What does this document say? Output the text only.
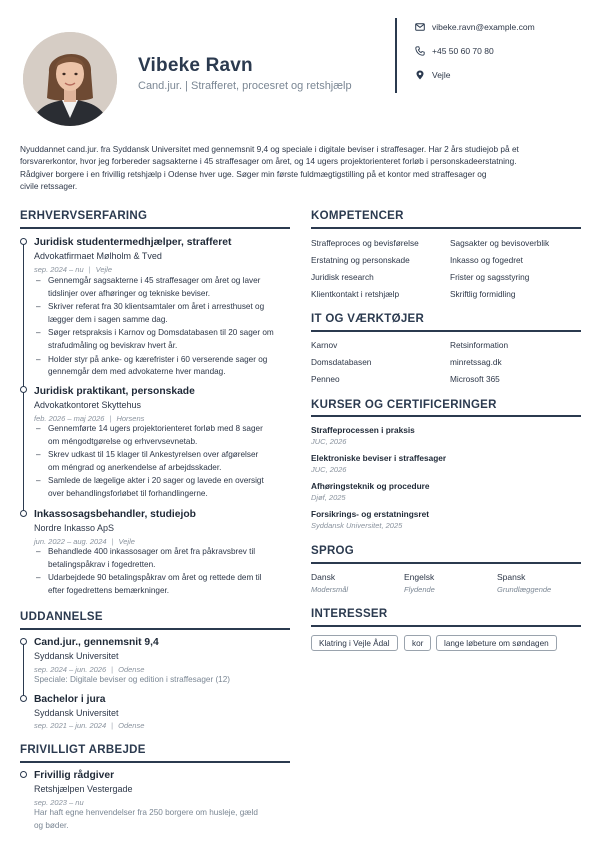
Vibeke Ravn
Cand.jur. | Strafferet, procesret og retshjælp
vibeke.ravn@example.com
+45 50 60 70 80
Vejle
Nyuddannet cand.jur. fra Syddansk Universitet med gennemsnit 9,4 og speciale i digitale beviser i straffesager. Har 2 års studiejob på et
forsvarerkontor, hvor jeg forbereder sagsakterne i 45 straffesager om året, og 14 ugers projektorienteret forløb i personskadeerstatning.
Rådgiver borgere i en frivillig retshjælp i Odense hver uge. Søger min første fuldmægtigstilling på et kontor med straffesager og
civile retssager.
ERHVERVSERFARING
Juridisk studentermedhjælper, strafferet
Advokatfirmaet Mølholm & Tved
sep. 2024 – nu | Vejle
– Gennemgår sagsakterne i 45 straffesager om året og laver
tidslinjer over afhøringer og tekniske beviser.
– Skriver referat fra 30 klientsamtaler om året i arresthuset og
lægger dem i sagen samme dag.
– Søger retspraksis i Karnov og Domsdatabasen til 20 sager om
strafudmåling og beviskrav hvert år.
– Holder styr på anke- og kærefrister i 60 verserende sager og
gennemgår dem med advokaterne hver mandag.
Juridisk praktikant, personskade
Advokatkontoret Skyttehus
feb. 2026 – maj 2026 | Horsens
– Gennemførte 14 ugers projektorienteret forløb med 8 sager
om méngodtgørelse og erhvervsevnetab.
– Skrev udkast til 15 klager til Ankestyrelsen over afgørelser
om méngrad og anerkendelse af arbejdsskader.
– Samlede de lægelige akter i 20 sager og lavede en oversigt
over behandlingsforløbet til forhandlingerne.
Inkassosagsbehandler, studiejob
Nordre Inkasso ApS
jun. 2022 – aug. 2024 | Vejle
– Behandlede 400 inkassosager om året fra påkravsbrev til
betalingspåkrav i fogedretten.
– Udarbejdede 90 betalingspåkrav om året og rettede dem til
efter fogedrettens bemærkninger.
UDDANNELSE
Cand.jur., gennemsnit 9,4
Syddansk Universitet
sep. 2024 – jun. 2026 | Odense
Speciale: Digitale beviser og edition i straffesager (12)
Bachelor i jura
Syddansk Universitet
sep. 2021 – jun. 2024 | Odense
FRIVILLIGT ARBEJDE
Frivillig rådgiver
Retshjælpen Vestergade
sep. 2023 – nu
Har haft egne henvendelser fra 250 borgere om husleje, gæld
og bøder.
KOMPETENCER
Straffeproces og bevisførelse	Sagsakter og bevisoverblik
Erstatning og personskade	Inkasso og fogedret
Juridisk research	Frister og sagsstyring
Klientkontakt i retshjælp	Skriftlig formidling
IT OG VÆRKTØJER
Karnov	Retsinformation
Domsdatabasen	minretssag.dk
Penneo	Microsoft 365
KURSER OG CERTIFICERINGER
Straffeprocessen i praksis
JUC, 2026
Elektroniske beviser i straffesager
JUC, 2026
Afhøringsteknik og procedure
Djøf, 2025
Forsikrings- og erstatningsret
Syddansk Universitet, 2025
SPROG
Dansk
Modersmål
Engelsk
Flydende
Spansk
Grundlæggende
INTERESSER
Klatring i Vejle Ådal	kor	lange løbeture om søndagen
